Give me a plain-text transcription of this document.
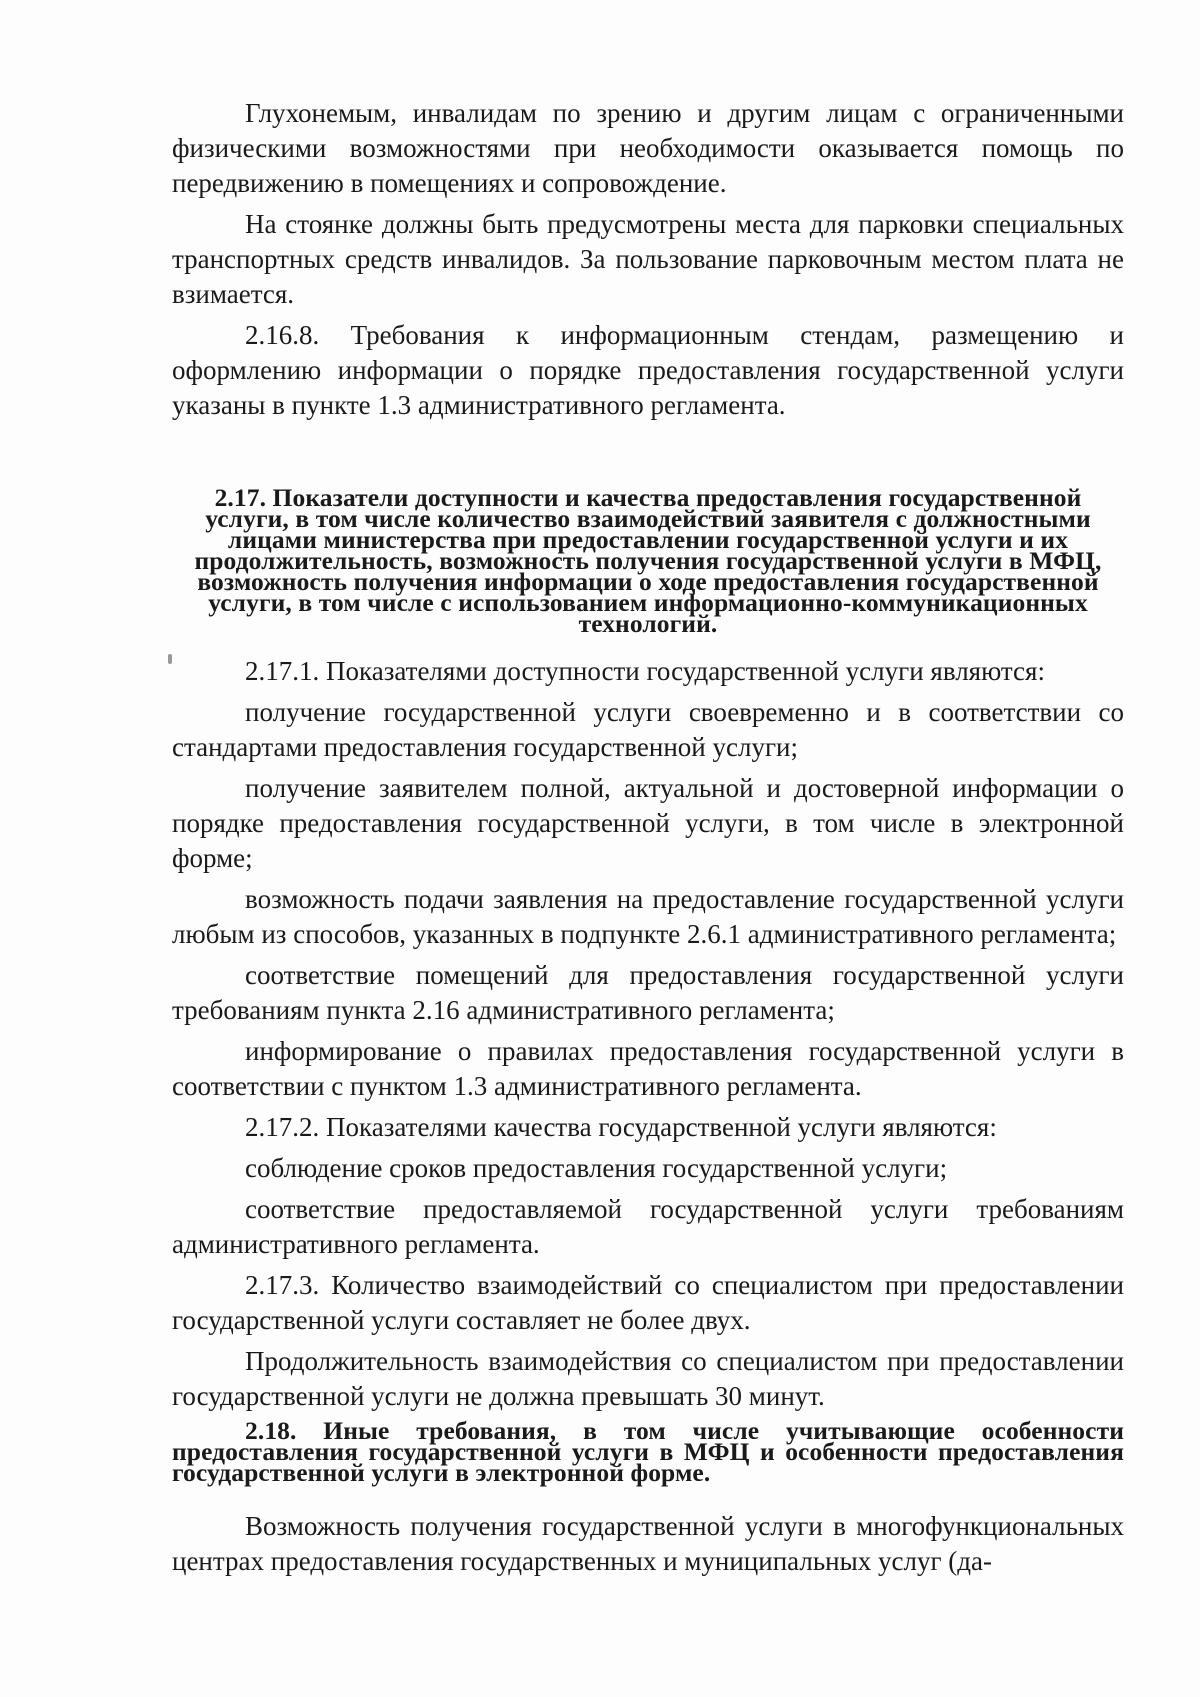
Глухонемым, инвалидам по зрению и другим лицам с ограниченными физическими возможностями при необходимости оказывается помощь по передвижению в помещениях и сопровождение.

На стоянке должны быть предусмотрены места для парковки специальных транспортных средств инвалидов. За пользование парковочным местом плата не взимается.

2.16.8. Требования к информационным стендам, размещению и оформлению информации о порядке предоставления государственной услуги указаны в пункте 1.3 административного регламента.

2.17. Показатели доступности и качества предоставления государственной услуги, в том числе количество взаимодействий заявителя с должностными лицами министерства при предоставлении государственной услуги и их продолжительность, возможность получения государственной услуги в МФЦ, возможность получения информации о ходе предоставления государственной услуги, в том числе с использованием информационно-коммуникационных технологий.

2.17.1. Показателями доступности государственной услуги являются:

получение государственной услуги своевременно и в соответствии со стандартами предоставления государственной услуги;

получение заявителем полной, актуальной и достоверной информации о порядке предоставления государственной услуги, в том числе в электронной форме;

возможность подачи заявления на предоставление государственной услуги любым из способов, указанных в подпункте 2.6.1 административного регламента;

соответствие помещений для предоставления государственной услуги требованиям пункта 2.16 административного регламента;

информирование о правилах предоставления государственной услуги в соответствии с пунктом 1.3 административного регламента.

2.17.2. Показателями качества государственной услуги являются:

соблюдение сроков предоставления государственной услуги;

соответствие предоставляемой государственной услуги требованиям административного регламента.

2.17.3. Количество взаимодействий со специалистом при предоставлении государственной услуги составляет не более двух.

Продолжительность взаимодействия со специалистом при предоставлении государственной услуги не должна превышать 30 минут.

2.18. Иные требования, в том числе учитывающие особенности предоставления государственной услуги в МФЦ и особенности предоставления государственной услуги в электронной форме.

Возможность получения государственной услуги в многофункциональных центрах предоставления государственных и муниципальных услуг (да-
